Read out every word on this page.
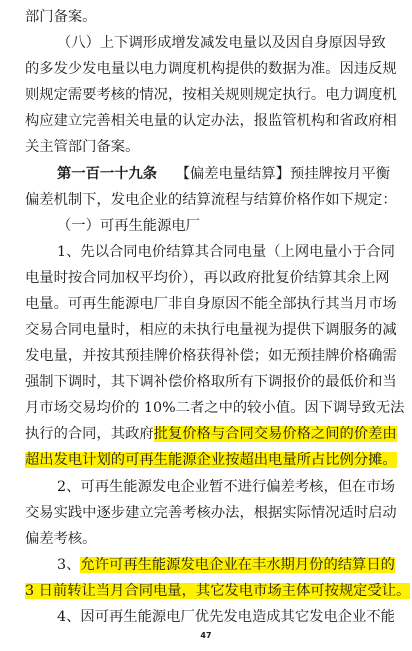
部门备案。
（八）上下调形成增发减发电量以及因自身原因导致
的多发少发电量以电力调度机构提供的数据为准。因违反规
则规定需要考核的情况，按相关规则规定执行。电力调度机
构应建立完善相关电量的认定办法，报监管机构和省政府相
关主管部门备案。
第一百一十九条 【偏差电量结算】预挂牌按月平衡
偏差机制下，发电企业的结算流程与结算价格作如下规定：
（一）可再生能源电厂
1、先以合同电价结算其合同电量（上网电量小于合同
电量时按合同加权平均价），再以政府批复价结算其余上网
电量。可再生能源电厂非自身原因不能全部执行其当月市场
交易合同电量时，相应的未执行电量视为提供下调服务的减
发电量，并按其预挂牌价格获得补偿；如无预挂牌价格确需
强制下调时，其下调补偿价格取所有下调报价的最低价和当
月市场交易均价的 10%二者之中的较小值。因下调导致无法
执行的合同，其政府批复价格与合同交易价格之间的价差由
超出发电计划的可再生能源企业按超出电量所占比例分摊。
2、可再生能源发电企业暂不进行偏差考核，但在市场
交易实践中逐步建立完善考核办法，根据实际情况适时启动
偏差考核。
3、允许可再生能源发电企业在丰水期月份的结算日的
3 日前转让当月合同电量，其它发电市场主体可按规定受让。
4、因可再生能源电厂优先发电造成其它发电企业不能
47
